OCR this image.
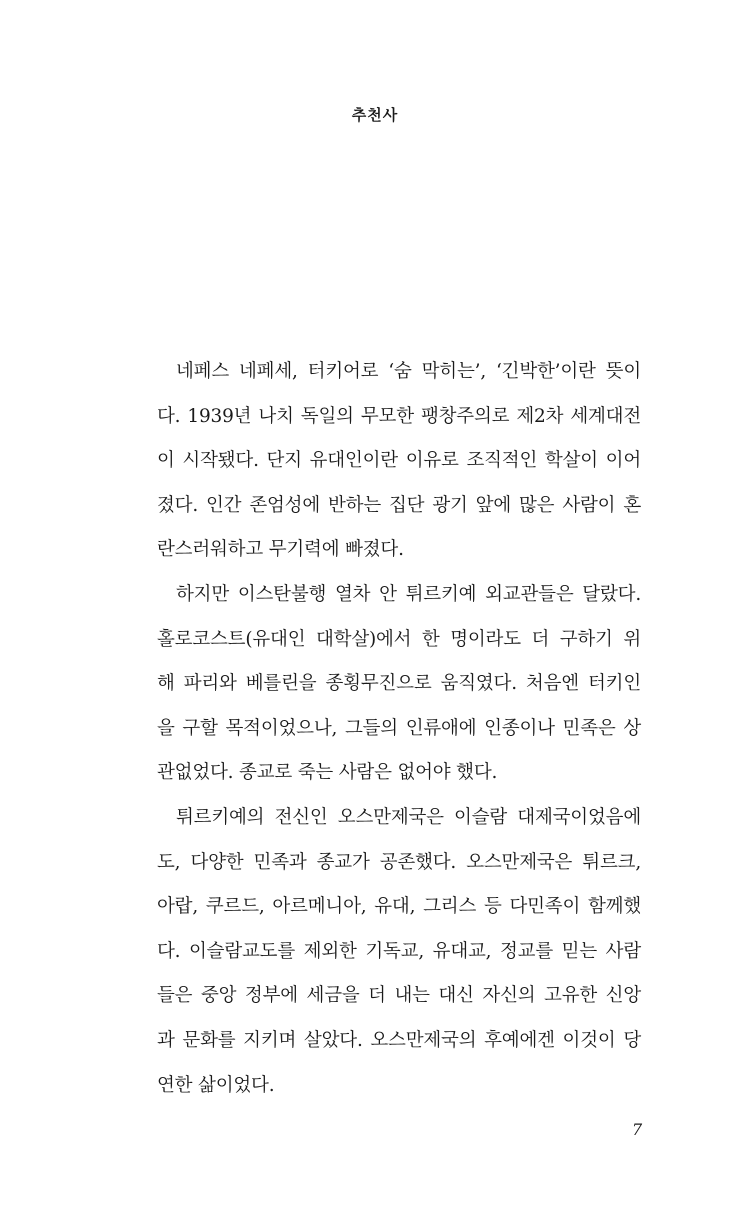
추천사
네페스 네페세, 터키어로 ‘숨 막히는’, ‘긴박한’이란 뜻이
다. 1939년 나치 독일의 무모한 팽창주의로 제2차 세계대전
이 시작됐다. 단지 유대인이란 이유로 조직적인 학살이 이어
졌다. 인간 존엄성에 반하는 집단 광기 앞에 많은 사람이 혼
란스러워하고 무기력에 빠졌다.
하지만 이스탄불행 열차 안 튀르키예 외교관들은 달랐다.
홀로코스트(유대인 대학살)에서 한 명이라도 더 구하기 위
해 파리와 베를린을 종횡무진으로 움직였다. 처음엔 터키인
을 구할 목적이었으나, 그들의 인류애에 인종이나 민족은 상
관없었다. 종교로 죽는 사람은 없어야 했다.
튀르키예의 전신인 오스만제국은 이슬람 대제국이었음에
도, 다양한 민족과 종교가 공존했다. 오스만제국은 튀르크,
아랍, 쿠르드, 아르메니아, 유대, 그리스 등 다민족이 함께했
다. 이슬람교도를 제외한 기독교, 유대교, 정교를 믿는 사람
들은 중앙 정부에 세금을 더 내는 대신 자신의 고유한 신앙
과 문화를 지키며 살았다. 오스만제국의 후예에겐 이것이 당
연한 삶이었다.
7
